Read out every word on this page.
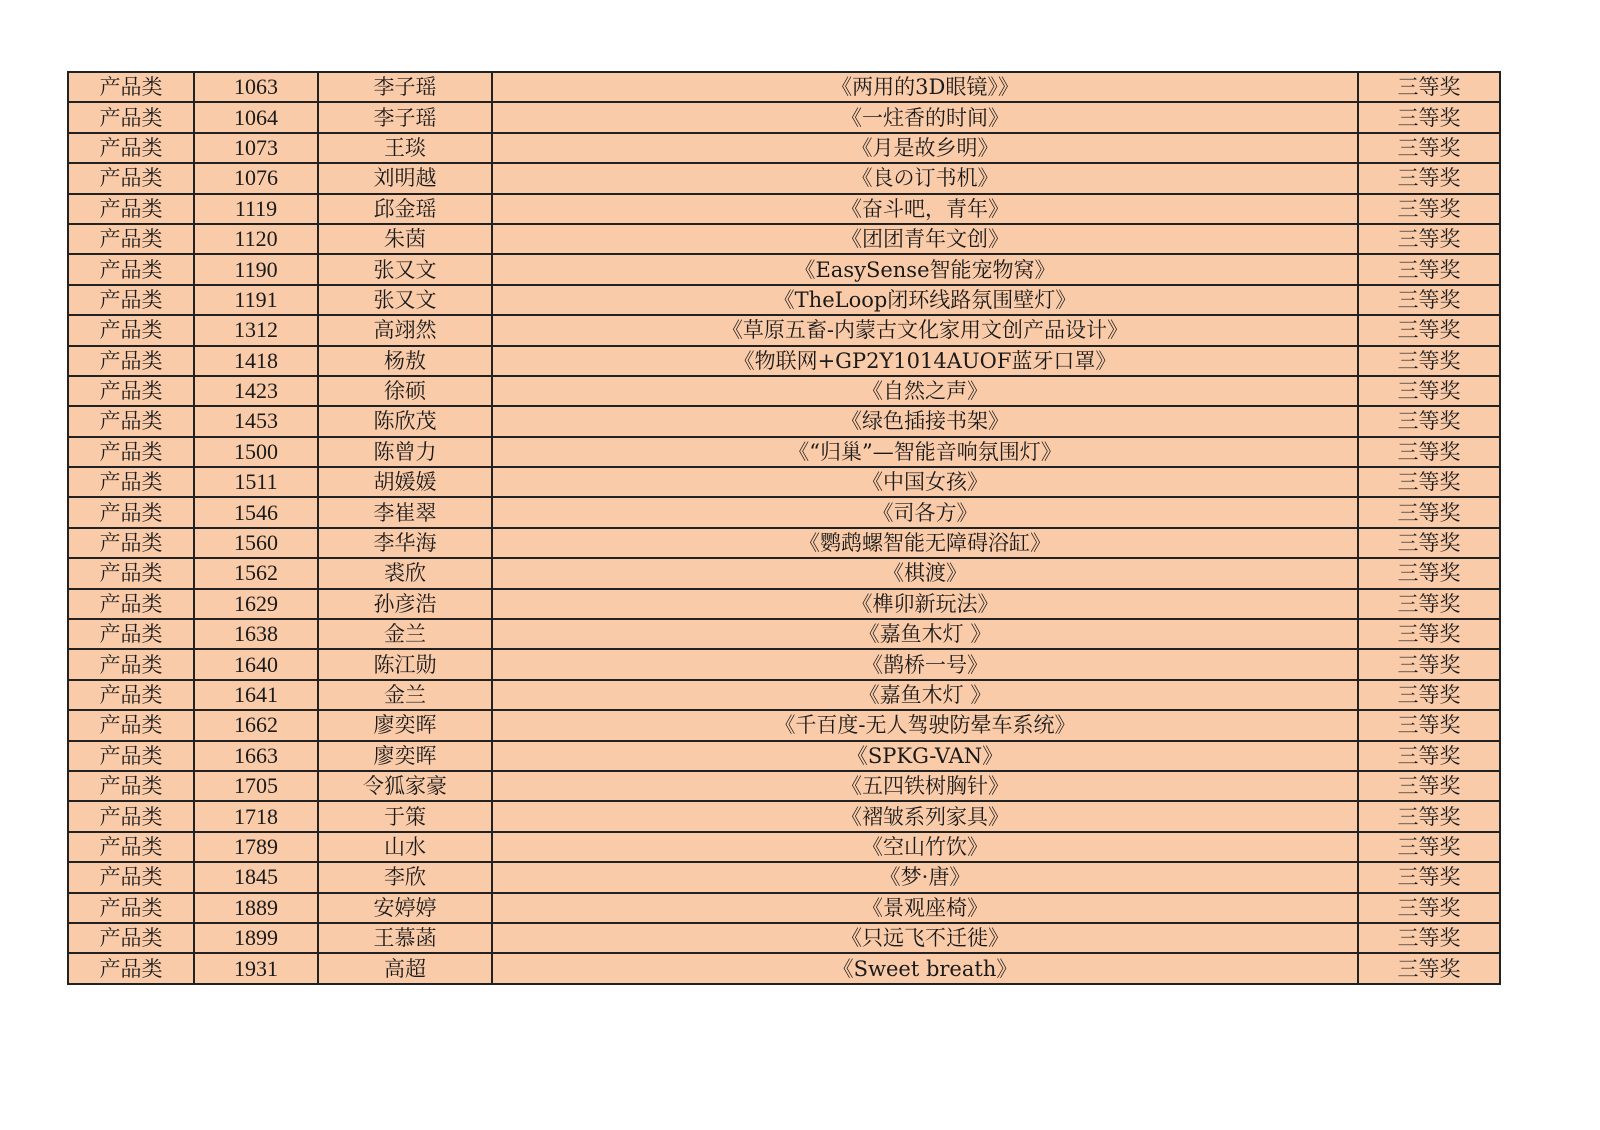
产品类	1063	李子瑶	《两用的3D眼镜》》	三等奖
产品类	1064	李子瑶	《一炷香的时间》	三等奖
产品类	1073	王琰	《月是故乡明》	三等奖
产品类	1076	刘明越	《良の订书机》	三等奖
产品类	1119	邱金瑶	《奋斗吧，青年》	三等奖
产品类	1120	朱茵	《团团青年文创》	三等奖
产品类	1190	张又文	《EasySense智能宠物窝》	三等奖
产品类	1191	张又文	《TheLoop闭环线路氛围壁灯》	三等奖
产品类	1312	高翊然	《草原五畜-内蒙古文化家用文创产品设计》	三等奖
产品类	1418	杨敖	《物联网+GP2Y1014AUOF蓝牙口罩》	三等奖
产品类	1423	徐硕	《自然之声》	三等奖
产品类	1453	陈欣茂	《绿色插接书架》	三等奖
产品类	1500	陈曾力	《“归巢”—智能音响氛围灯》	三等奖
产品类	1511	胡媛媛	《中国女孩》	三等奖
产品类	1546	李崔翠	《司各方》	三等奖
产品类	1560	李华海	《鹦鹉螺智能无障碍浴缸》	三等奖
产品类	1562	裘欣	《棋渡》	三等奖
产品类	1629	孙彦浩	《榫卯新玩法》	三等奖
产品类	1638	金兰	《嘉鱼木灯 》	三等奖
产品类	1640	陈江勋	《鹊桥一号》	三等奖
产品类	1641	金兰	《嘉鱼木灯 》	三等奖
产品类	1662	廖奕晖	《千百度-无人驾驶防晕车系统》	三等奖
产品类	1663	廖奕晖	《SPKG-VAN》	三等奖
产品类	1705	令狐家豪	《五四铁树胸针》	三等奖
产品类	1718	于策	《褶皱系列家具》	三等奖
产品类	1789	山水	《空山竹饮》	三等奖
产品类	1845	李欣	《梦·唐》	三等奖
产品类	1889	安婷婷	《景观座椅》	三等奖
产品类	1899	王慕菡	《只远飞不迁徙》	三等奖
产品类	1931	高超	《Sweet breath》	三等奖
